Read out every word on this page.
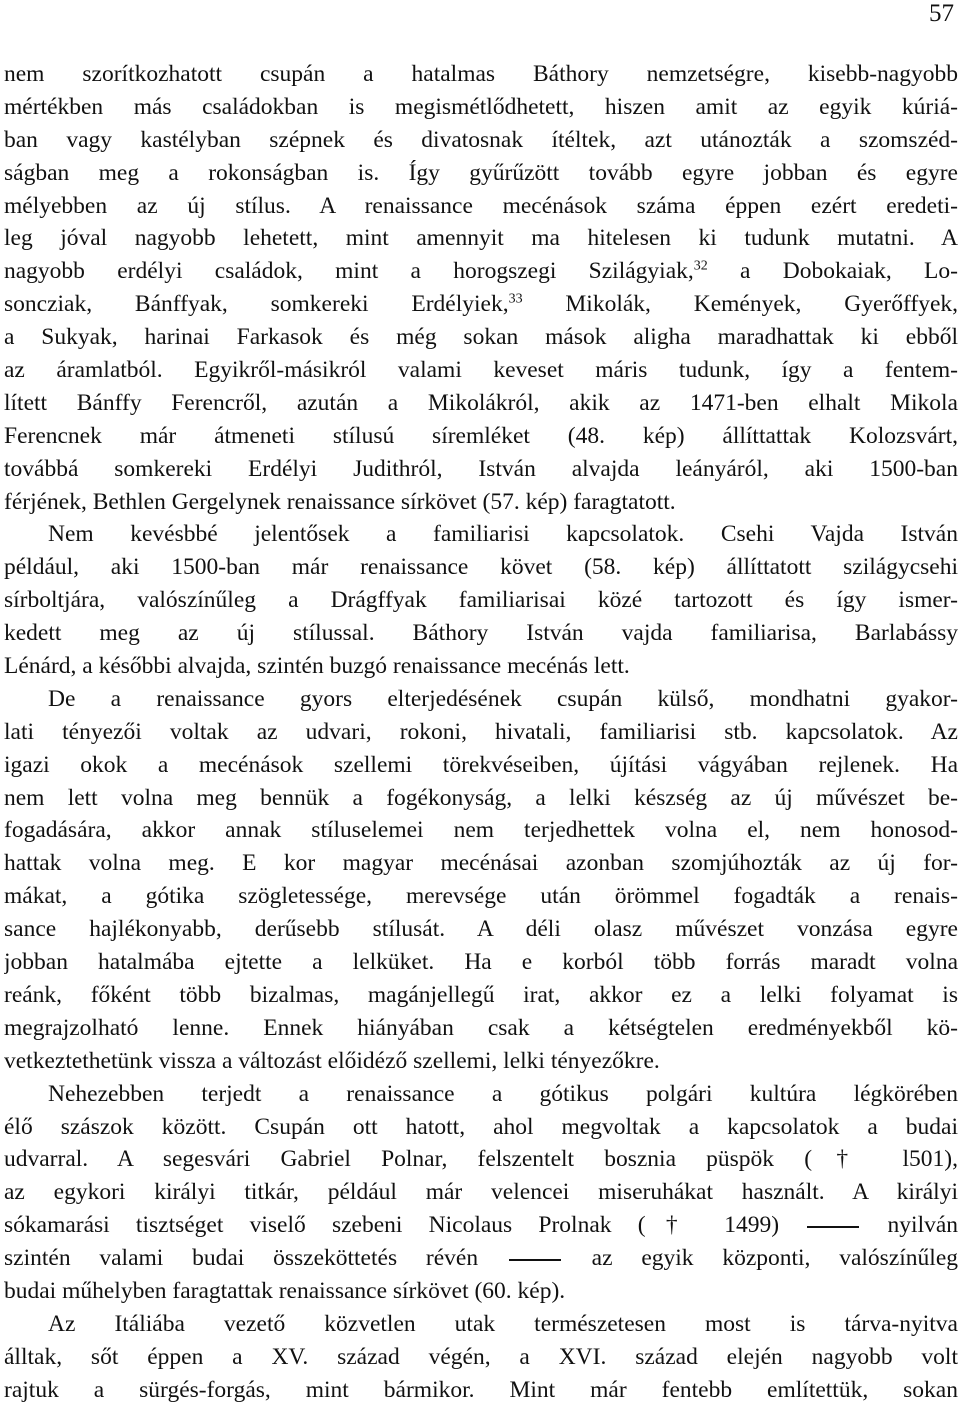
57
nem szorítkozhatott csupán a hatalmas Báthory nemzetségre, kisebb-nagyobb
mértékben más családokban is megismétlődhetett, hiszen amit az egyik kúriá-
ban vagy kastélyban szépnek és divatosnak ítéltek, azt utánozták a szomszéd-
ságban meg a rokonságban is. Így gyűrűzött tovább egyre jobban és egyre
mélyebben az új stílus. A renaissance mecénások száma éppen ezért eredeti-
leg jóval nagyobb lehetett, mint amennyit ma hitelesen ki tudunk mutatni. A
nagyobb erdélyi családok, mint a horogszegi Szilágyiak,$^{32}$ a Dobokaiak, Lo-
soncziak, Bánffyak, somkereki Erdélyiek,$^{33}$ Mikolák, Kemények, Gyerőffyek,
a Sukyak, harinai Farkasok és még sokan mások aligha maradhattak ki ebből
az áramlatból. Egyikről-másikról valami keveset máris tudunk, így a fentem-
lített Bánffy Ferencről, azután a Mikolákról, akik az 1471-ben elhalt Mikola
Ferencnek már átmeneti stílusú síremléket (48. kép) állíttattak Kolozsvárt,
továbbá somkereki Erdélyi Judithról, István alvajda leányáról, aki 1500-ban
férjének, Bethlen Gergelynek renaissance sírkövet (57. kép) faragtatott.
Nem kevésbbé jelentősek a familiarisi kapcsolatok. Csehi Vajda István
például, aki 1500-ban már renaissance követ (58. kép) állíttatott szilágycsehi
sírboltjára, valószínűleg a Drágffyak familiarisai közé tartozott és így ismer-
kedett meg az új stílussal. Báthory István vajda familiarisa, Barlabássy
Lénárd, a későbbi alvajda, szintén buzgó renaissance mecénás lett.
De a renaissance gyors elterjedésének csupán külső, mondhatni gyakor-
lati tényezői voltak az udvari, rokoni, hivatali, familiarisi stb. kapcsolatok. Az
igazi okok a mecénások szellemi törekvéseiben, újítási vágyában rejlenek. Ha
nem lett volna meg bennük a fogékonyság, a lelki készség az új művészet be-
fogadására, akkor annak stíluselemei nem terjedhettek volna el, nem honosod-
hattak volna meg. E kor magyar mecénásai azonban szomjúhozták az új for-
mákat, a gótika szögletessége, merevsége után örömmel fogadták a renais-
sance hajlékonyabb, derűsebb stílusát. A déli olasz művészet vonzása egyre
jobban hatalmába ejtette a lelküket. Ha e korból több forrás maradt volna
reánk, főként több bizalmas, magánjellegű irat, akkor ez a lelki folyamat is
megrajzolható lenne. Ennek hiányában csak a kétségtelen eredményekből kö-
vetkeztethetünk vissza a változást előidéző szellemi, lelki tényezőkre.
Nehezebben terjedt a renaissance a gótikus polgári kultúra légkörében
élő szászok között. Csupán ott hatott, ahol megvoltak a kapcsolatok a budai
udvarral. A segesvári Gabriel Polnar, felszentelt bosznia püspök († l501),
az egykori királyi titkár, például már velencei miseruhákat használt. A királyi
sókamarási tisztséget viselő szebeni Nicolaus Prolnak († 1499)	nyilván
szintén valami budai összeköttetés révén	az egyik központi, valószínűleg
budai műhelyben faragtattak renaissance sírkövet (60. kép).
Az Itáliába vezető közvetlen utak természetesen most is tárva-nyitva
álltak, sőt éppen a XV. század végén, a XVI. század elején nagyobb volt
rajtuk a sürgés-forgás, mint bármikor. Mint már fentebb említettük, sokan
